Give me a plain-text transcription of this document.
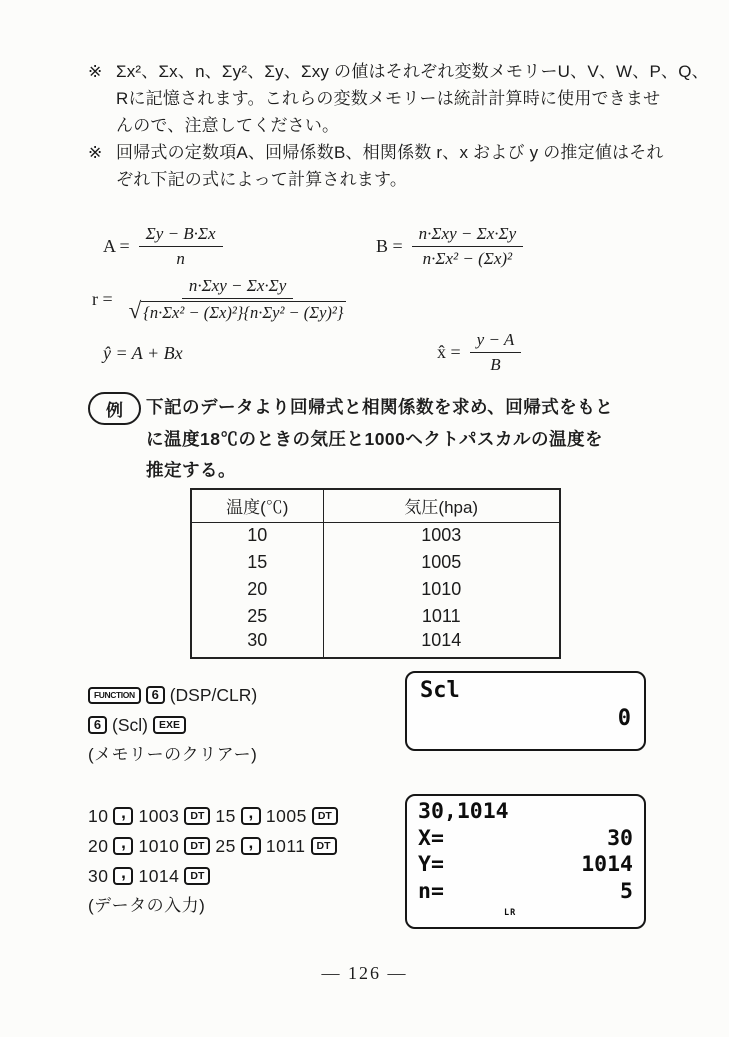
※ Σx²、Σx、n、Σy²、Σy、Σxy の値はそれぞれ変数メモリーU、V、W、P、Q、
Rに記憶されます。これらの変数メモリーは統計計算時に使用できませ
んので、注意してください。
※ 回帰式の定数項A、回帰係数B、相関係数 r、x および y の推定値はそれ
ぞれ下記の式によって計算されます。
$A = \frac{\Sigma y - B\cdot\Sigma x}{n}$	$B = \frac{\text{n·Σxy − Σx·Σy}}{\text{n·Σx² − (Σx)²}}$
$r = \frac{\text{n·Σxy − Σx·Σy}}{\text{√ \{n·Σx² − (Σx)²\}\{n·Σy² − (Σy)²\}}}$
ŷ = A + Bx	x̂ = $\frac{y - A}{B}$
例	下記のデータより回帰式と相関係数を求め、回帰式をもと
に温度18℃のときの気圧と1000ヘクトパスカルの温度を
推定する。
温度(℃)	気圧(hpa)
10	1003
15	1005
20	1010
25	1011
30	1014
FUNCTION	6 (DSP/CLR)
6 (Scl)	EXE
(メモリーのクリアー)
Scl
0
10 , 1003	DT 15 , 1005	DT
20 , 1010	DT 25 , 1011	DT
30 , 1014	DT
(データの入力)
30,1014
X=	30
Y=	1014
n=	5
LR
— 126 —
